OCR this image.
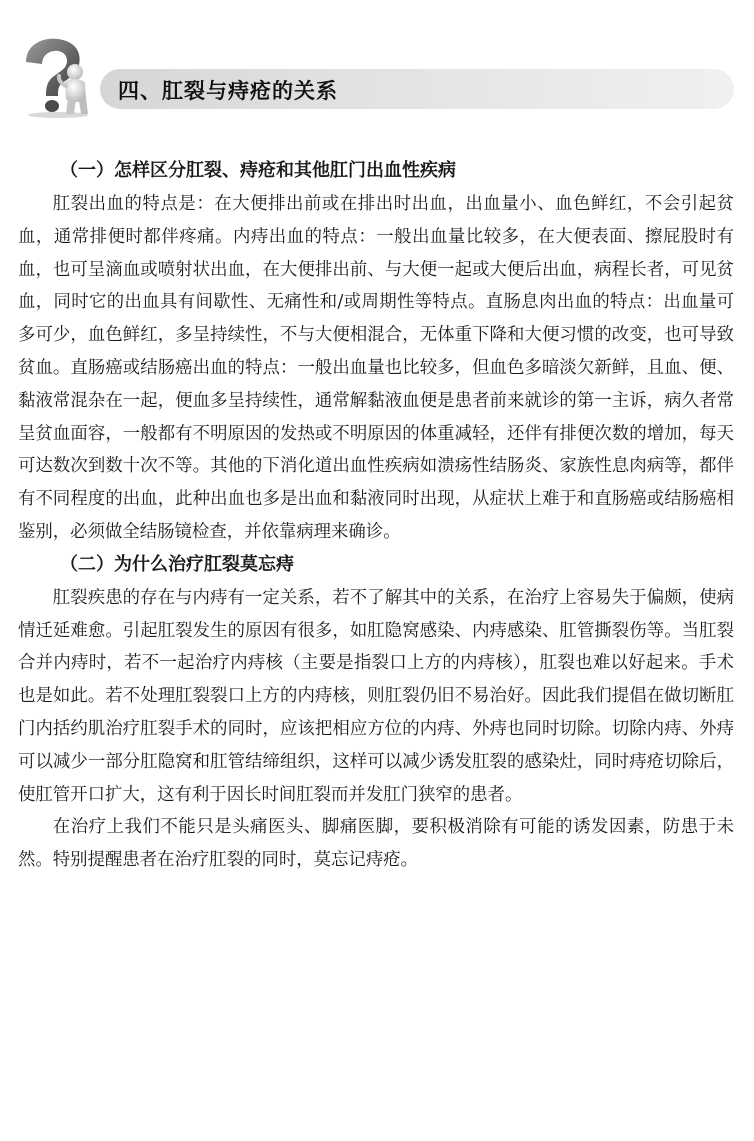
四、肛裂与痔疮的关系
（一）怎样区分肛裂、痔疮和其他肛门出血性疾病

肛裂出血的特点是：在大便排出前或在排出时出血，出血量小、血色鲜红，不会引起贫血，通常排便时都伴疼痛。内痔出血的特点：一般出血量比较多，在大便表面、擦屁股时有血，也可呈滴血或喷射状出血，在大便排出前、与大便一起或大便后出血，病程长者，可见贫血，同时它的出血具有间歇性、无痛性和/或周期性等特点。直肠息肉出血的特点：出血量可多可少，血色鲜红，多呈持续性，不与大便相混合，无体重下降和大便习惯的改变，也可导致贫血。直肠癌或结肠癌出血的特点：一般出血量也比较多，但血色多暗淡欠新鲜，且血、便、黏液常混杂在一起，便血多呈持续性，通常解黏液血便是患者前来就诊的第一主诉，病久者常呈贫血面容，一般都有不明原因的发热或不明原因的体重减轻，还伴有排便次数的增加，每天可达数次到数十次不等。其他的下消化道出血性疾病如溃疡性结肠炎、家族性息肉病等，都伴有不同程度的出血，此种出血也多是出血和黏液同时出现，从症状上难于和直肠癌或结肠癌相鉴别，必须做全结肠镜检查，并依靠病理来确诊。

（二）为什么治疗肛裂莫忘痔

肛裂疾患的存在与内痔有一定关系，若不了解其中的关系，在治疗上容易失于偏颇，使病情迁延难愈。引起肛裂发生的原因有很多，如肛隐窝感染、内痔感染、肛管撕裂伤等。当肛裂合并内痔时，若不一起治疗内痔核（主要是指裂口上方的内痔核），肛裂也难以好起来。手术也是如此。若不处理肛裂裂口上方的内痔核，则肛裂仍旧不易治好。因此我们提倡在做切断肛门内括约肌治疗肛裂手术的同时，应该把相应方位的内痔、外痔也同时切除。切除内痔、外痔可以减少一部分肛隐窝和肛管结缔组织，这样可以减少诱发肛裂的感染灶，同时痔疮切除后，使肛管开口扩大，这有利于因长时间肛裂而并发肛门狭窄的患者。

在治疗上我们不能只是头痛医头、脚痛医脚，要积极消除有可能的诱发因素，防患于未然。特别提醒患者在治疗肛裂的同时，莫忘记痔疮。
